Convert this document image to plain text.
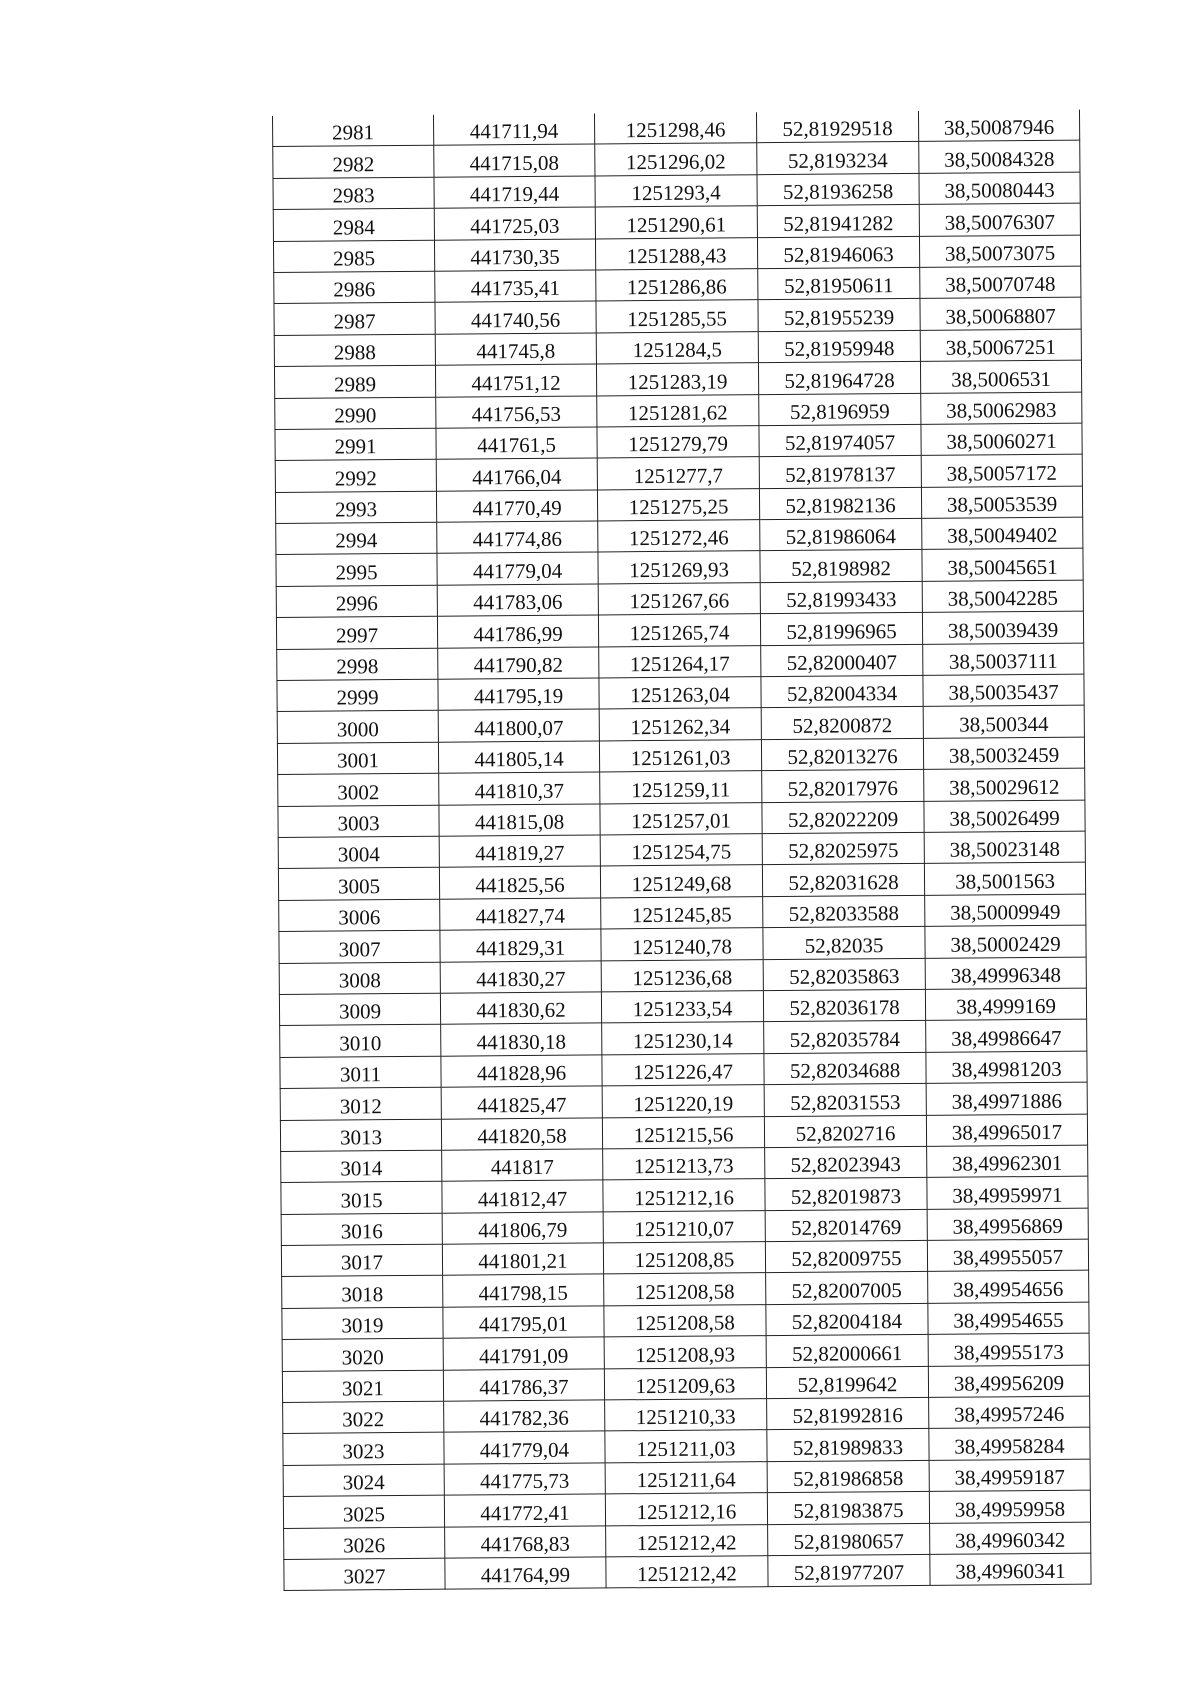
2981	441711,94	1251298,46	52,81929518	38,50087946
2982	441715,08	1251296,02	52,8193234	38,50084328
2983	441719,44	1251293,4	52,81936258	38,50080443
2984	441725,03	1251290,61	52,81941282	38,50076307
2985	441730,35	1251288,43	52,81946063	38,50073075
2986	441735,41	1251286,86	52,81950611	38,50070748
2987	441740,56	1251285,55	52,81955239	38,50068807
2988	441745,8	1251284,5	52,81959948	38,50067251
2989	441751,12	1251283,19	52,81964728	38,5006531
2990	441756,53	1251281,62	52,8196959	38,50062983
2991	441761,5	1251279,79	52,81974057	38,50060271
2992	441766,04	1251277,7	52,81978137	38,50057172
2993	441770,49	1251275,25	52,81982136	38,50053539
2994	441774,86	1251272,46	52,81986064	38,50049402
2995	441779,04	1251269,93	52,8198982	38,50045651
2996	441783,06	1251267,66	52,81993433	38,50042285
2997	441786,99	1251265,74	52,81996965	38,50039439
2998	441790,82	1251264,17	52,82000407	38,50037111
2999	441795,19	1251263,04	52,82004334	38,50035437
3000	441800,07	1251262,34	52,8200872	38,500344
3001	441805,14	1251261,03	52,82013276	38,50032459
3002	441810,37	1251259,11	52,82017976	38,50029612
3003	441815,08	1251257,01	52,82022209	38,50026499
3004	441819,27	1251254,75	52,82025975	38,50023148
3005	441825,56	1251249,68	52,82031628	38,5001563
3006	441827,74	1251245,85	52,82033588	38,50009949
3007	441829,31	1251240,78	52,82035	38,50002429
3008	441830,27	1251236,68	52,82035863	38,49996348
3009	441830,62	1251233,54	52,82036178	38,4999169
3010	441830,18	1251230,14	52,82035784	38,49986647
3011	441828,96	1251226,47	52,82034688	38,49981203
3012	441825,47	1251220,19	52,82031553	38,49971886
3013	441820,58	1251215,56	52,8202716	38,49965017
3014	441817	1251213,73	52,82023943	38,49962301
3015	441812,47	1251212,16	52,82019873	38,49959971
3016	441806,79	1251210,07	52,82014769	38,49956869
3017	441801,21	1251208,85	52,82009755	38,49955057
3018	441798,15	1251208,58	52,82007005	38,49954656
3019	441795,01	1251208,58	52,82004184	38,49954655
3020	441791,09	1251208,93	52,82000661	38,49955173
3021	441786,37	1251209,63	52,8199642	38,49956209
3022	441782,36	1251210,33	52,81992816	38,49957246
3023	441779,04	1251211,03	52,81989833	38,49958284
3024	441775,73	1251211,64	52,81986858	38,49959187
3025	441772,41	1251212,16	52,81983875	38,49959958
3026	441768,83	1251212,42	52,81980657	38,49960342
3027	441764,99	1251212,42	52,81977207	38,49960341
